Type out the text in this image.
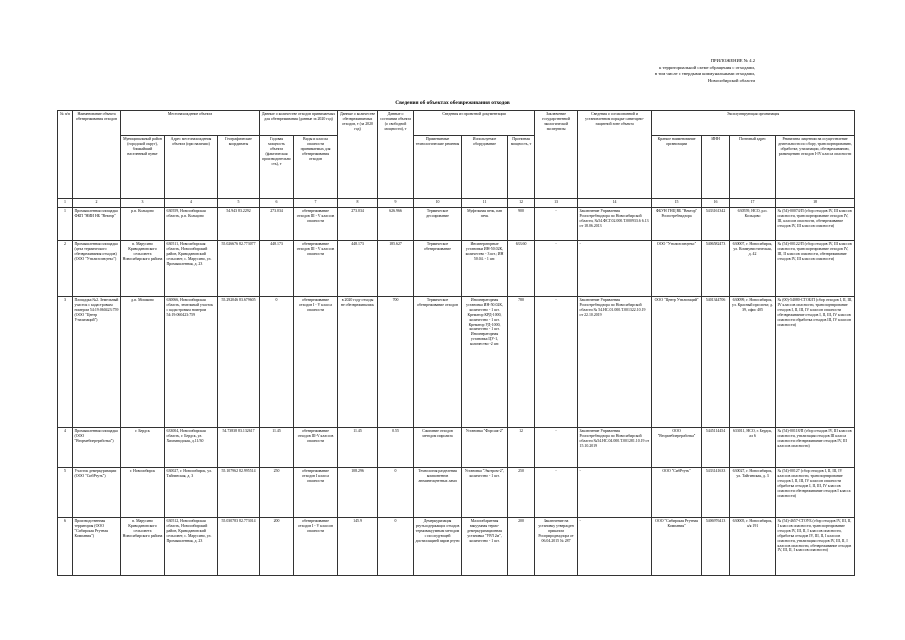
ПРИЛОЖЕНИЕ № 4.2
к территориальной схеме обращения с отходами,
в том числе с твердыми коммунальными отходами,
Новосибирской области
Сведения об объектах обезвреживания отходов
№ п/п	Наименование объекта обезвреживания отходов	Местонахождение объекта			Данные о количестве отходов принимаемых для обезвреживания (данные за 2020 год)		Данные о количестве обезвреживаемых отходов, т (за 2020 год)	Данные о состоянии объекта (о свободной мощности), т	Сведения из проектной документации			Заключение государственной экологической экспертизы	Сведения о согласованной и установленном порядке санитарно-защитной зоне объекта	Эксплуатирующая организация			
		Муниципальный район (городской округ), ближайший населенный пункт	Адрес местонахождения объекта (при наличии)	Географические координаты	Годовая мощность объекта (фактическая производительность), т	Виды и классы опасности принимаемых для обезвреживания отходов			Применяемые технологические решения	Используемое оборудование	Проектная мощность, т			Краткое наименование организации	ИНН	Почтовый адрес	Реквизиты лицензии на осуществление деятельности по сбору, транспортированию, обработке, утилизации, обезвреживанию, размещению отходов I-IV класса опасности
1	2	3	4	5	6	7	8	9	10	11	12	13	14	15	16	17	18
1	Промышленная площадка ФКП "НИИ НБ "Вектор"	р.п. Кольцово	630559, Новосибирская область, р.п. Кольцово	54.943 83.2292	273.034	обезвреживание отходов III - V классов опасности	273.034	626.966	Термическое дессирование	Муфельная печь, пав печь	900	-	Заключение Управления Роспотребнадзора по Новосибирской области, №54.ФСГ.02.000.Т.000933.6 6.13 от 18.06.2013	ФБУН ГНЦ ВБ "Вектор" Роспотребнадзора	5433161342	630559, НСО, р.п. Кольцово	№ (54)-00074/П (сбор отходов IV, III классов опасности, транспортирование отходов IV, III, классов опасности, обезвреживание отходов IV, III классов опасности)
2	Промышленная площадка (цеха термического обезвреживания отходов) (ООО "Утилизспецтекс")	п. Марусино Криводановского сельсовета Новосибирского района	630511, Новосибирская область, Новосибирский район, Криводановский сельсовет, с. Марусино, ул. Промышленная, д. 23	55.026676 82.773077	448.173	обезвреживание отходов III - V классов опасности	448.173	185.627	Термическое обезвреживание	Инсинераторные установки ИН-50.02К, количество - 3 шт.; ИН 50.04. - 1 шт.	633.60	-	-	ООО "Утилизспецтекс"	5406582473	630007, г. Новосибирск, ул. Коммунистическая, д. 42	№ (54)-00122/П (сбор отходов IV, III классов опасности, транспортирование отходов IV, III, II классов опасности, обезвреживание отходов IV, III классов опасности)
3	Площадка №2. Земельный участок с кадастровым номером 54:19:060423:759 (ООО "Центр Утилизаций")	д.п. Мошково	630066, Новосибирская область, земельный участок с кадастровым номером 54:19:060423:759	55.292046 83.679605	0	обезвреживание отходов I - V класса опасности	в 2020 году отходы не обезвреживались	700	Термическое обезвреживание отходов	Инсинераторная установка ИН-50.02К, количество - 1 шт. Крематор КРД-1000, количество - 1 шт. Крематор УД-1000, количество - 1 шт. Инсинераторная установка ЦУ-1, количество -2 шт.	780	-	Заключение Управления Роспотребнадзора по Новосибирской области № 54.НС.01.000.Т.001322.10.19 от 22.10.2019	ООО "Центр Утилизаций"	5401344706	630099, г. Новосибирск, ул. Красный проспект, д. 39, офис 405	№ (00)-54080-СТОБ/П (сбор отходов I, II, III, IV классов опасности, транспортирование отходов I, II, III, IV классов опасности обезвреживание отходов I, II, III, IV классов опасности обработка отходов III, IV классов опасности)
4	Промышленная площадка (ООО "Втормебпереработка")	г. Бердск	633004, Новосибирская область, г. Бердск, ул. Химзаводская, д.11/30	54.73838 83.132617	11.45	обезвреживание отходов III-V классов опасности	11.45	0.55	Сжигание отходов методом пиролиза	Установка "Форсаж-2"	12	-	Заключение Управления Роспотребнадзора по Новосибирской области №54.НС.04.000.Т.001281.10.19 от 15.10.2019	ООО "Втормебпереработка"	5445114454	633011, НСО, г. Бердск, ал 6	№ (54)-00118/П (сбор отходов IV, III классов опасности, утилизация отходов III класса опасности обезвреживание отходов IV, III классов опасности)
5	Участок демеркуризации (ООО "СибРтуть")	г. Новосибирск	630027, г. Новосибирск, ул. Тайгинская, д. 3	55.107962 82.995514	250	обезвреживание отходов I класса опасности	108.296	0	Технология разделения компонентов люминесцентных ламп	Установка "Экотром-2", количество - 1 шт.	250	-	-	ООО "СибРтуть"	5433141633	630027, г. Новосибирск, ул. Тайгинская, д. 3	№ (54)-00127 (сбор отходов I, II, III, IV классов опасности, транспортирование отходов I, II, III, IV классов опасности обработка отходов I, II, III, IV классов опасности обезвреживание отходов I класса опасности)
6	Производственная территория (ООО "Сибирская Ртутная Компания")	п. Марусино Криводановского сельсовета Новосибирского района	630512, Новосибирская область, Новосибирский район, Криводановский сельсовет, с. Марусино, ул. Промышленная, д. 23	55.030783 82.773014	200	обезвреживание отходов I - V классов опасности	145.9	0	Демеркуризация ртутьсодержащих отходов термовакуумным методом с последующей дистилляцией паров ртути	Малогабаритная вакуумная термо-демеркуризационная установка "УРЛ 2м", количество - 1 шт.	200	Заключение на установку утвержден приказом Росприроднадзора от 06.04.2015 № 287	-	ООО "Сибирская Ртутная Компания"	5406976413	630005, г. Новосибирск, а/я 191	№ (54)-4657-СТОУБ (сбор отходов IV, III, II, I классов опасности, транспортирование отходов IV, III, II, I классов опасности, обработка отходов IV, III, II, I классов опасности, утилизация отходов IV, III, II, I классов опасности, обезвреживание отходов IV, III, II, I классов опасности)
